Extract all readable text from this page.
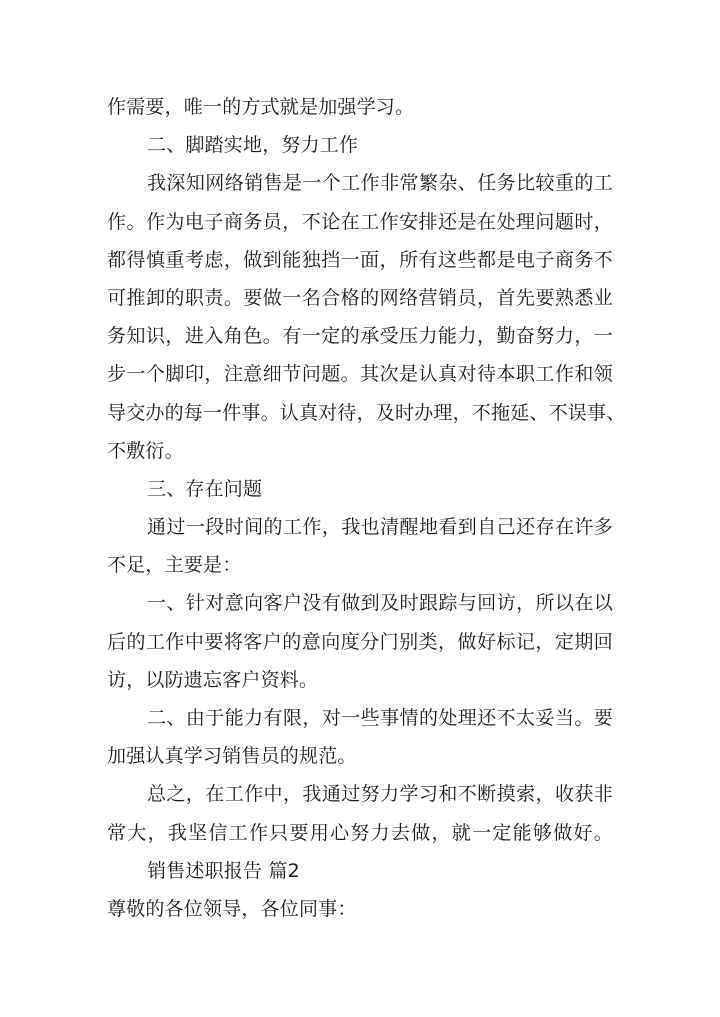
作需要，唯一的方式就是加强学习。
二、脚踏实地，努力工作
我深知网络销售是一个工作非常繁杂、任务比较重的工
作。作为电子商务员，不论在工作安排还是在处理问题时，
都得慎重考虑，做到能独挡一面，所有这些都是电子商务不
可推卸的职责。要做一名合格的网络营销员，首先要熟悉业
务知识，进入角色。有一定的承受压力能力，勤奋努力，一
步一个脚印，注意细节问题。其次是认真对待本职工作和领
导交办的每一件事。认真对待，及时办理，不拖延、不误事、
不敷衍。
三、存在问题
通过一段时间的工作，我也清醒地看到自己还存在许多
不足，主要是：
一、针对意向客户没有做到及时跟踪与回访，所以在以
后的工作中要将客户的意向度分门别类，做好标记，定期回
访，以防遗忘客户资料。
二、由于能力有限，对一些事情的处理还不太妥当。要
加强认真学习销售员的规范。
总之，在工作中，我通过努力学习和不断摸索，收获非
常大，我坚信工作只要用心努力去做，就一定能够做好。
销售述职报告 篇2
尊敬的各位领导，各位同事：
